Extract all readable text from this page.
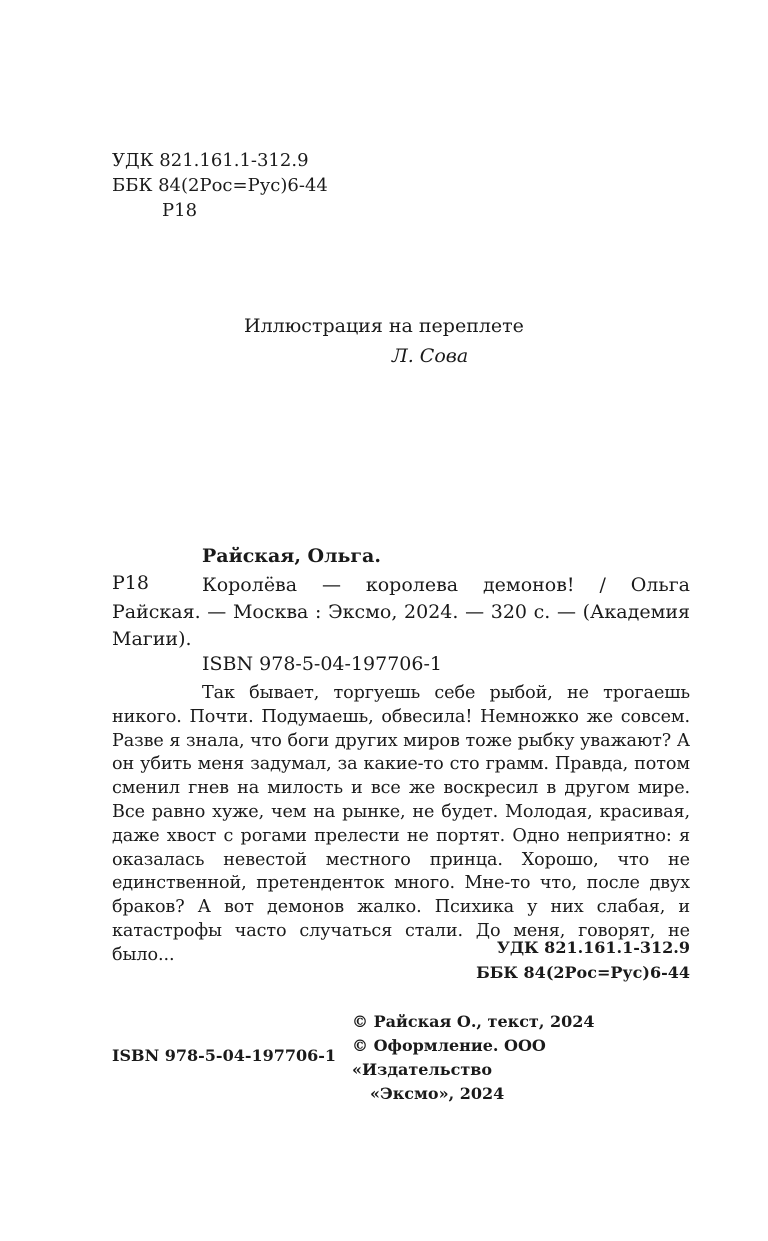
УДК 821.161.1-312.9
ББК 84(2Рос=Рус)6-44
Р18
Иллюстрация на переплете
Л. Сова
Райская, Ольга.
Р18	Королёва — королева демонов! / Ольга Райская. — Москва : Эксмо, 2024. — 320 с. — (Академия Магии).
ISBN 978-5-04-197706-1
Так бывает, торгуешь себе рыбой, не трогаешь никого. Почти. Подумаешь, обвесила! Немножко же совсем. Разве я знала, что боги других миров тоже рыбку уважают? А он убить меня задумал, за какие-то сто грамм. Правда, потом сменил гнев на милость и все же воскресил в другом мире. Все равно хуже, чем на рынке, не будет. Молодая, красивая, даже хвост с рогами прелести не портят. Одно неприятно: я оказалась невестой местного принца. Хорошо, что не единственной, претенденток много. Мне-то что, после двух браков? А вот демонов жалко. Психика у них слабая, и катастрофы часто случаться стали. До меня, говорят, не было...	УДК 821.161.1-312.9
ББК 84(2Рос=Рус)6-44
© Райская О., текст, 2024
© Оформление. ООО «Издательство
«Эксмо», 2024
ISBN 978-5-04-197706-1
